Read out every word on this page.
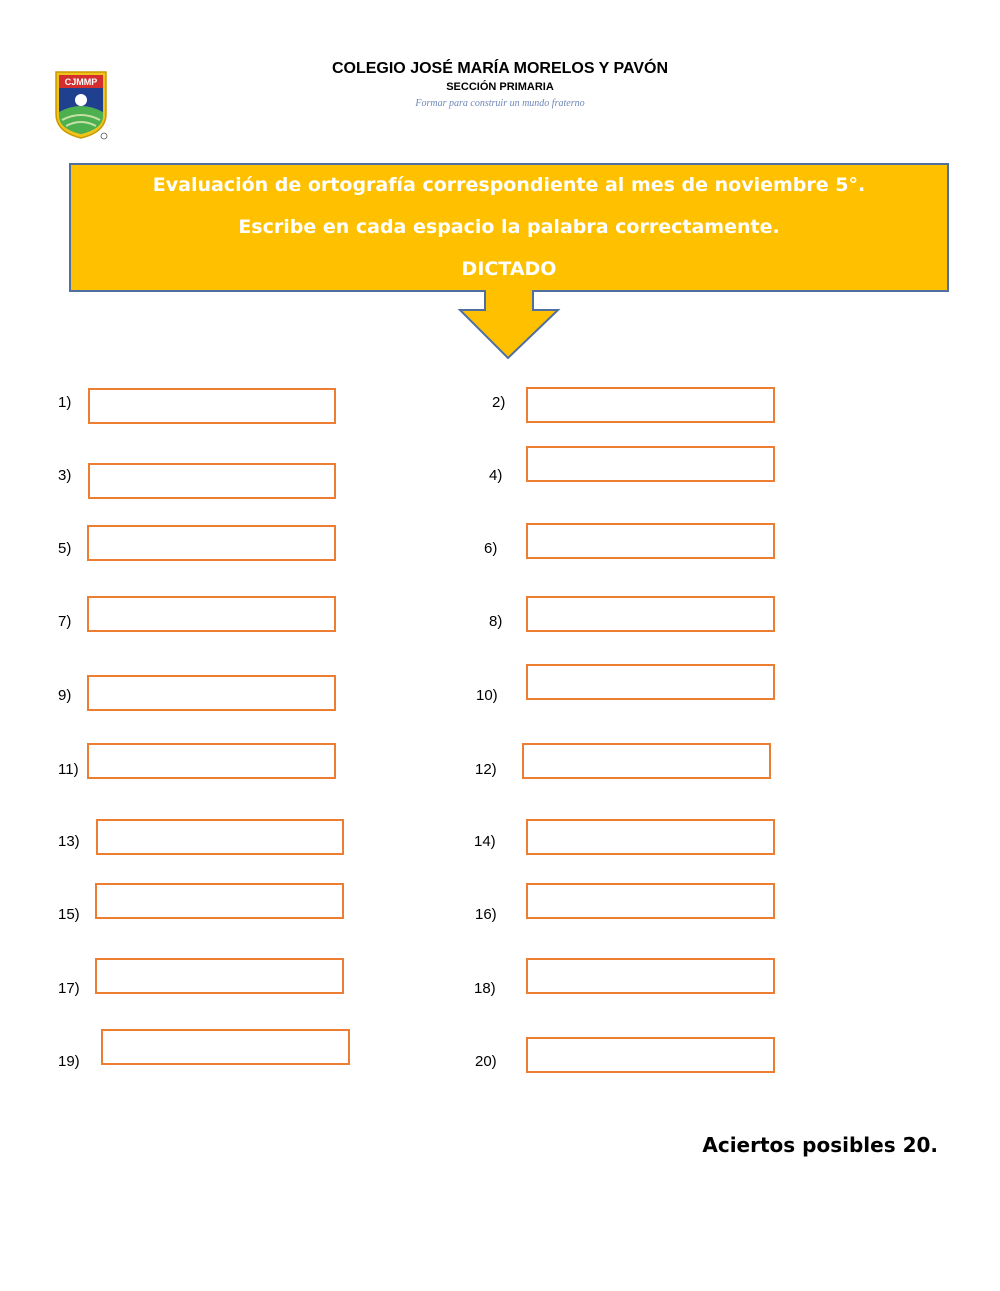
CJMMP
COLEGIO JOSÉ MARÍA MORELOS Y PAVÓN
SECCIÓN PRIMARIA
Formar para construir un mundo fraterno
Evaluación de ortografía correspondiente al mes de noviembre 5°.
Escribe en cada espacio la palabra correctamente.
DICTADO
1)
3)
5)
7)
9)
11)
13)
15)
17)
19)
2)
4)
6)
8)
10)
12)
14)
16)
18)
20)
Aciertos posibles 20.
